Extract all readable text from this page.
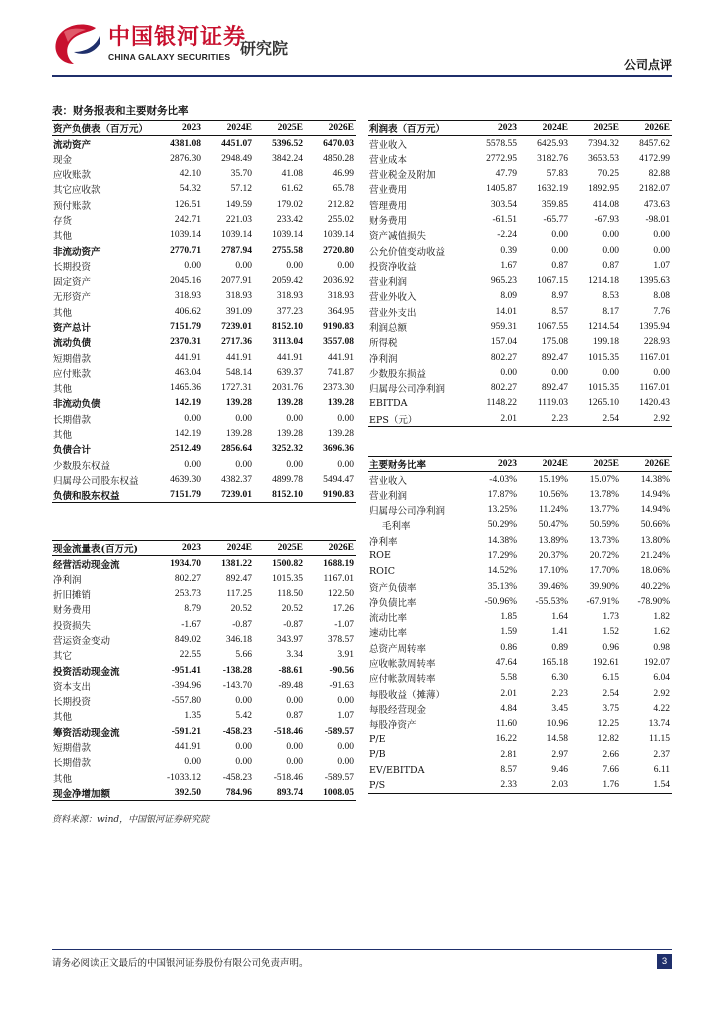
中国银河证券
CHINA GALAXY SECURITIES 研究院
公司点评
表：财务报表和主要财务比率
资产负债表（百万元）	2023	2024E	2025E	2026E
流动资产	4381.08	4451.07	5396.52	6470.03
现金	2876.30	2948.49	3842.24	4850.28
应收账款	42.10	35.70	41.08	46.99
其它应收款	54.32	57.12	61.62	65.78
预付账款	126.51	149.59	179.02	212.82
存货	242.71	221.03	233.42	255.02
其他	1039.14	1039.14	1039.14	1039.14
非流动资产	2770.71	2787.94	2755.58	2720.80
长期投资	0.00	0.00	0.00	0.00
固定资产	2045.16	2077.91	2059.42	2036.92
无形资产	318.93	318.93	318.93	318.93
其他	406.62	391.09	377.23	364.95
资产总计	7151.79	7239.01	8152.10	9190.83
流动负债	2370.31	2717.36	3113.04	3557.08
短期借款	441.91	441.91	441.91	441.91
应付账款	463.04	548.14	639.37	741.87
其他	1465.36	1727.31	2031.76	2373.30
非流动负债	142.19	139.28	139.28	139.28
长期借款	0.00	0.00	0.00	0.00
其他	142.19	139.28	139.28	139.28
负债合计	2512.49	2856.64	3252.32	3696.36
少数股东权益	0.00	0.00	0.00	0.00
归属母公司股东权益	4639.30	4382.37	4899.78	5494.47
负债和股东权益	7151.79	7239.01	8152.10	9190.83
现金流量表(百万元)	2023	2024E	2025E	2026E
经营活动现金流	1934.70	1381.22	1500.82	1688.19
净利润	802.27	892.47	1015.35	1167.01
折旧摊销	253.73	117.25	118.50	122.50
财务费用	8.79	20.52	20.52	17.26
投资损失	-1.67	-0.87	-0.87	-1.07
营运资金变动	849.02	346.18	343.97	378.57
其它	22.55	5.66	3.34	3.91
投资活动现金流	-951.41	-138.28	-88.61	-90.56
资本支出	-394.96	-143.70	-89.48	-91.63
长期投资	-557.80	0.00	0.00	0.00
其他	1.35	5.42	0.87	1.07
筹资活动现金流	-591.21	-458.23	-518.46	-589.57
短期借款	441.91	0.00	0.00	0.00
长期借款	0.00	0.00	0.00	0.00
其他	-1033.12	-458.23	-518.46	-589.57
现金净增加额	392.50	784.96	893.74	1008.05
利润表（百万元）	2023	2024E	2025E	2026E
营业收入	5578.55	6425.93	7394.32	8457.62
营业成本	2772.95	3182.76	3653.53	4172.99
营业税金及附加	47.79	57.83	70.25	82.88
营业费用	1405.87	1632.19	1892.95	2182.07
管理费用	303.54	359.85	414.08	473.63
财务费用	-61.51	-65.77	-67.93	-98.01
资产减值损失	-2.24	0.00	0.00	0.00
公允价值变动收益	0.39	0.00	0.00	0.00
投资净收益	1.67	0.87	0.87	1.07
营业利润	965.23	1067.15	1214.18	1395.63
营业外收入	8.09	8.97	8.53	8.08
营业外支出	14.01	8.57	8.17	7.76
利润总额	959.31	1067.55	1214.54	1395.94
所得税	157.04	175.08	199.18	228.93
净利润	802.27	892.47	1015.35	1167.01
少数股东损益	0.00	0.00	0.00	0.00
归属母公司净利润	802.27	892.47	1015.35	1167.01
EBITDA	1148.22	1119.03	1265.10	1420.43
EPS（元）	2.01	2.23	2.54	2.92
主要财务比率	2023	2024E	2025E	2026E
营业收入	-4.03%	15.19%	15.07%	14.38%
营业利润	17.87%	10.56%	13.78%	14.94%
归属母公司净利润	13.25%	11.24%	13.77%	14.94%
毛利率	50.29%	50.47%	50.59%	50.66%
净利率	14.38%	13.89%	13.73%	13.80%
ROE	17.29%	20.37%	20.72%	21.24%
ROIC	14.52%	17.10%	17.70%	18.06%
资产负债率	35.13%	39.46%	39.90%	40.22%
净负债比率	-50.96%	-55.53%	-67.91%	-78.90%
流动比率	1.85	1.64	1.73	1.82
速动比率	1.59	1.41	1.52	1.62
总资产周转率	0.86	0.89	0.96	0.98
应收帐款周转率	47.64	165.18	192.61	192.07
应付帐款周转率	5.58	6.30	6.15	6.04
每股收益（摊薄）	2.01	2.23	2.54	2.92
每股经营现金	4.84	3.45	3.75	4.22
每股净资产	11.60	10.96	12.25	13.74
P/E	16.22	14.58	12.82	11.15
P/B	2.81	2.97	2.66	2.37
EV/EBITDA	8.57	9.46	7.66	6.11
P/S	2.33	2.03	1.76	1.54
资料来源：wind，中国银河证券研究院
请务必阅读正文最后的中国银河证券股份有限公司免责声明。	3
